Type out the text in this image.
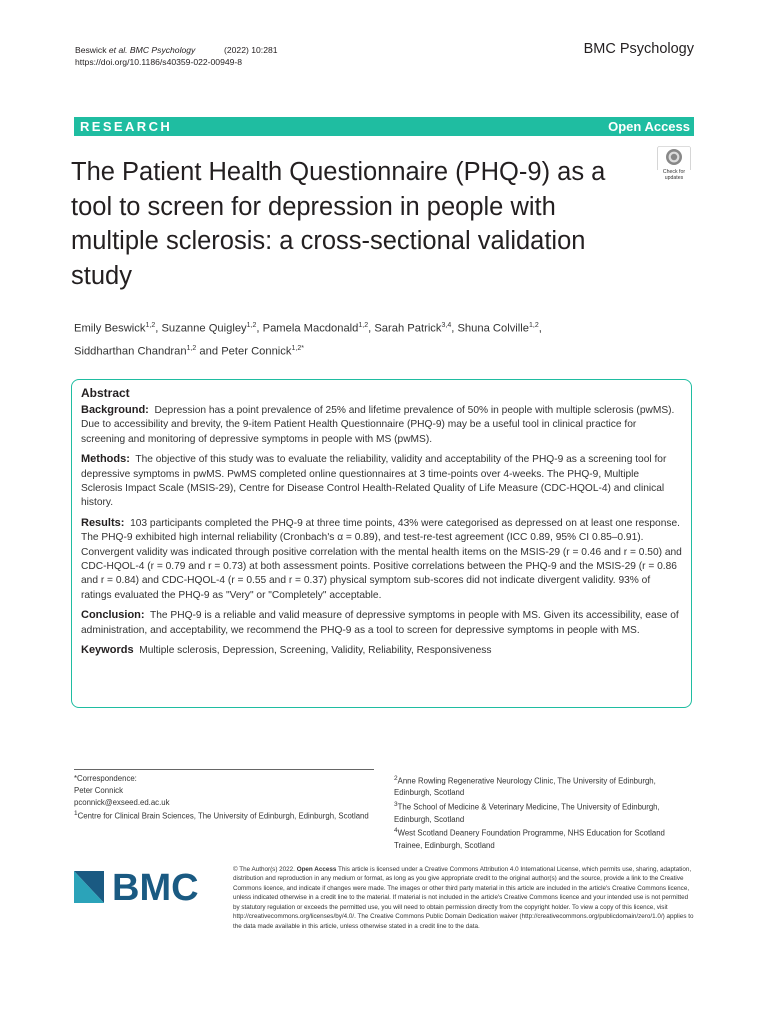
Beswick et al. BMC Psychology	(2022) 10:281
https://doi.org/10.1186/s40359-022-00949-8
BMC Psychology
RESEARCH	Open Access
Check for
updates
The Patient Health Questionnaire (PHQ-9) as a tool to screen for depression in people with multiple sclerosis: a cross-sectional validation study
Emily Beswick$^{1,2}$, Suzanne Quigley$^{1,2}$, Pamela Macdonald$^{1,2}$, Sarah Patrick$^{3,4}$, Shuna Colville$^{1,2}$,
Siddharthan Chandran$^{1,2}$ and Peter Connick$^{1,2*}$
Abstract

Background: Depression has a point prevalence of 25% and lifetime prevalence of 50% in people with multiple sclerosis (pwMS). Due to accessibility and brevity, the 9-item Patient Health Questionnaire (PHQ-9) may be a useful tool in clinical practice for screening and monitoring of depressive symptoms in people with MS (pwMS).

Methods: The objective of this study was to evaluate the reliability, validity and acceptability of the PHQ-9 as a screening tool for depressive symptoms in pwMS. PwMS completed online questionnaires at 3 time-points over 4-weeks. The PHQ-9, Multiple Sclerosis Impact Scale (MSIS-29), Centre for Disease Control Health-Related Quality of Life Measure (CDC-HQOL-4) and clinical history.

Results: 103 participants completed the PHQ-9 at three time points, 43% were categorised as depressed on at least one response. The PHQ-9 exhibited high internal reliability (Cronbach's α = 0.89), and test-re-test agreement (ICC 0.89, 95% CI 0.85–0.91). Convergent validity was indicated through positive correlation with the mental health items on the MSIS-29 (r = 0.46 and r = 0.50) and CDC-HQOL-4 (r = 0.79 and r = 0.73) at both assessment points. Positive correlations between the PHQ-9 and the MSIS-29 (r = 0.86 and r = 0.84) and CDC-HQOL-4 (r = 0.55 and r = 0.37) physical symptom sub-scores did not indicate divergent validity. 93% of ratings evaluated the PHQ-9 as "Very" or "Completely" acceptable.

Conclusion: The PHQ-9 is a reliable and valid measure of depressive symptoms in people with MS. Given its accessibility, ease of administration, and acceptability, we recommend the PHQ-9 as a tool to screen for depressive symptoms in people with MS.

Keywords Multiple sclerosis, Depression, Screening, Validity, Reliability, Responsiveness

*Correspondence:
Peter Connick
pconnick@exseed.ed.ac.uk
$^1$Centre for Clinical Brain Sciences, The University of Edinburgh, Edinburgh, Scotland
$^2$Anne Rowling Regenerative Neurology Clinic, The University of Edinburgh, Edinburgh, Scotland
$^3$The School of Medicine & Veterinary Medicine, The University of Edinburgh, Edinburgh, Scotland
$^4$West Scotland Deanery Foundation Programme, NHS Education for Scotland Trainee, Edinburgh, Scotland
BMC	© The Author(s) 2022. Open Access This article is licensed under a Creative Commons Attribution 4.0 International License, which permits use, sharing, adaptation, distribution and reproduction in any medium or format, as long as you give appropriate credit to the original author(s) and the source, provide a link to the Creative Commons licence, and indicate if changes were made. The images or other third party material in this article are included in the article's Creative Commons licence, unless indicated otherwise in a credit line to the material. If material is not included in the article's Creative Commons licence and your intended use is not permitted by statutory regulation or exceeds the permitted use, you will need to obtain permission directly from the copyright holder. To view a copy of this licence, visit http://creativecommons.org/licenses/by/4.0/. The Creative Commons Public Domain Dedication waiver (http://creativecommons.org/publicdomain/zero/1.0/) applies to the data made available in this article, unless otherwise stated in a credit line to the data.
